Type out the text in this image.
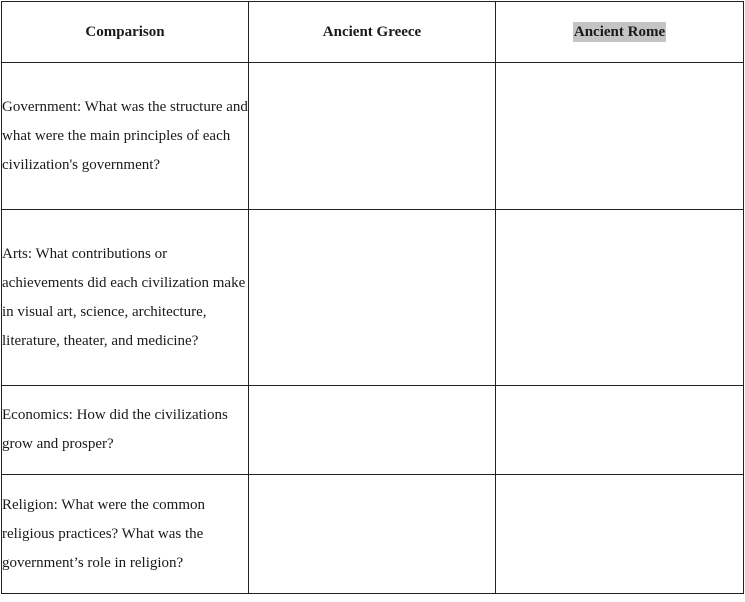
Comparison	Ancient Greece	Ancient Rome
Government: What was the structure and what were the main principles of each civilization's government?		
Arts: What contributions or achievements did each civilization make in visual art, science, architecture, literature, theater, and medicine?		
Economics: How did the civilizations grow and prosper?		
Religion: What were the common religious practices? What was the government’s role in religion?		
